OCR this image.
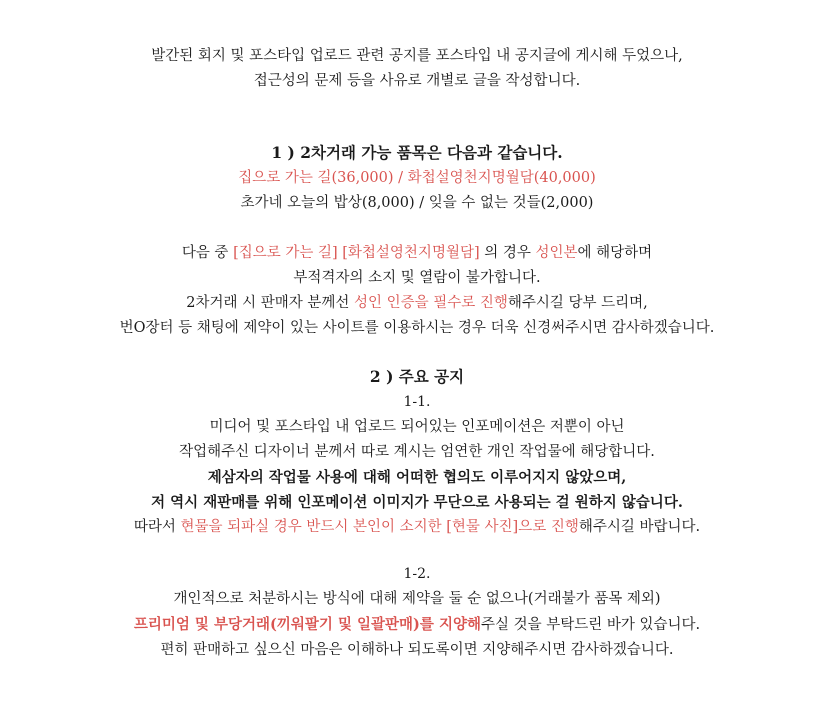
발간된 회지 및 포스타입 업로드 관련 공지를 포스타입 내 공지글에 게시해 두었으나,
접근성의 문제 등을 사유로 개별로 글을 작성합니다.
1 ) 2차거래 가능 품목은 다음과 같습니다.
집으로 가는 길(36,000) / 화첩설영천지명월담(40,000)
초가네 오늘의 밥상(8,000) / 잊을 수 없는 것들(2,000)
다음 중 [집으로 가는 길] [화첩설영천지명월담] 의 경우 성인본에 해당하며
부적격자의 소지 및 열람이 불가합니다.
2차거래 시 판매자 분께선 성인 인증을 필수로 진행해주시길 당부 드리며,
번O장터 등 채팅에 제약이 있는 사이트를 이용하시는 경우 더욱 신경써주시면 감사하겠습니다.
2 ) 주요 공지
1-1.
미디어 및 포스타입 내 업로드 되어있는 인포메이션은 저뿐이 아닌
작업해주신 디자이너 분께서 따로 계시는 엄연한 개인 작업물에 해당합니다.
제삼자의 작업물 사용에 대해 어떠한 협의도 이루어지지 않았으며,
저 역시 재판매를 위해 인포메이션 이미지가 무단으로 사용되는 걸 원하지 않습니다.
따라서 현물을 되파실 경우 반드시 본인이 소지한 [현물 사진]으로 진행해주시길 바랍니다.
1-2.
개인적으로 처분하시는 방식에 대해 제약을 둘 순 없으나(거래불가 품목 제외)
프리미엄 및 부당거래(끼워팔기 및 일괄판매)를 지양해주실 것을 부탁드린 바가 있습니다.
편히 판매하고 싶으신 마음은 이해하나 되도록이면 지양해주시면 감사하겠습니다.
